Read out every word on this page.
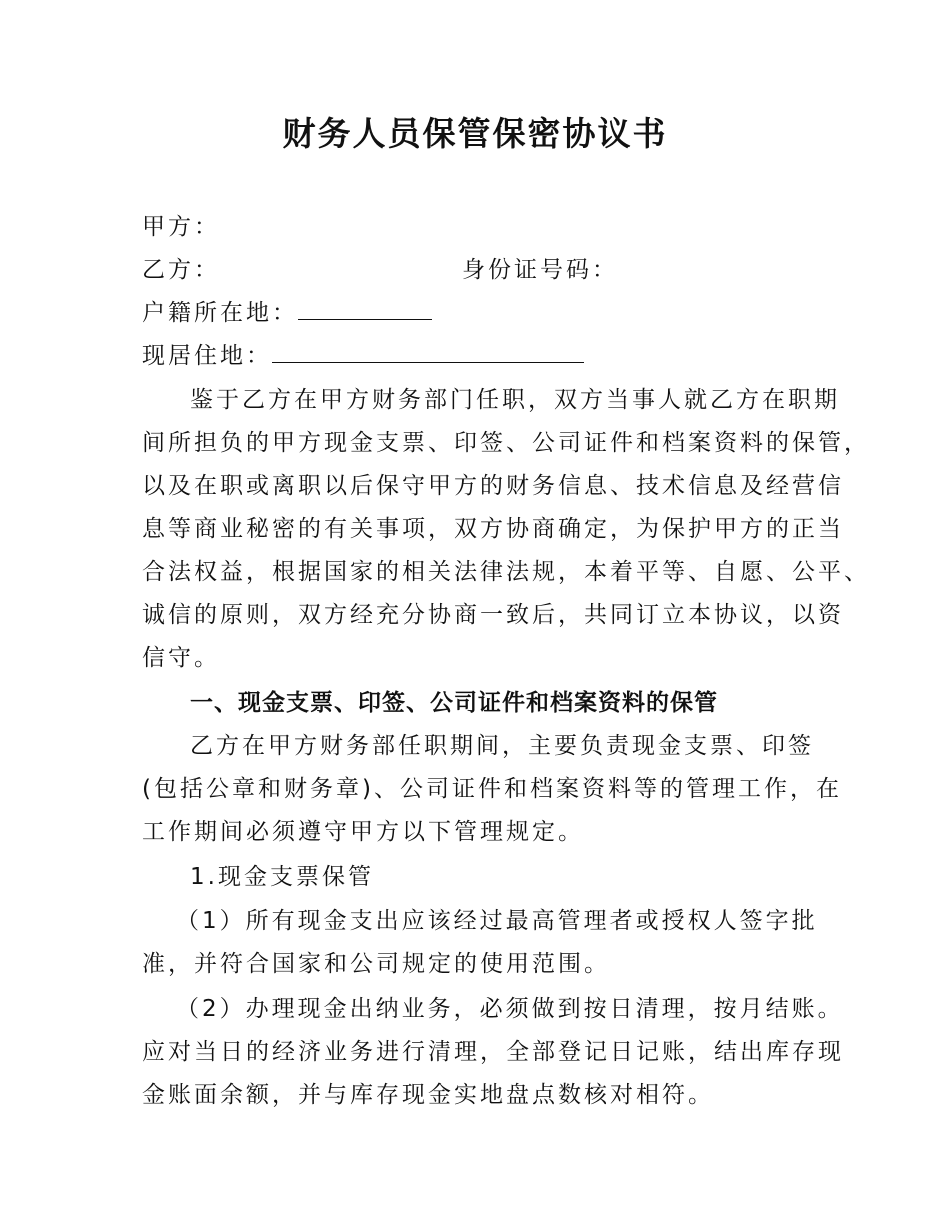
财务人员保管保密协议书
甲方：
乙方：	身份证号码：
户籍所在地：
现居住地：
鉴于乙方在甲方财务部门任职，双方当事人就乙方在职期
间所担负的甲方现金支票、印签、公司证件和档案资料的保管，
以及在职或离职以后保守甲方的财务信息、技术信息及经营信
息等商业秘密的有关事项，双方协商确定，为保护甲方的正当
合法权益，根据国家的相关法律法规，本着平等、自愿、公平、
诚信的原则，双方经充分协商一致后，共同订立本协议，以资
信守。
一、现金支票、印签、公司证件和档案资料的保管
乙方在甲方财务部任职期间，主要负责现金支票、印签
(包括公章和财务章)、公司证件和档案资料等的管理工作，在
工作期间必须遵守甲方以下管理规定。
1.现金支票保管
（1）所有现金支出应该经过最高管理者或授权人签字批
准，并符合国家和公司规定的使用范围。
（2）办理现金出纳业务，必须做到按日清理，按月结账。
应对当日的经济业务进行清理，全部登记日记账，结出库存现
金账面余额，并与库存现金实地盘点数核对相符。
